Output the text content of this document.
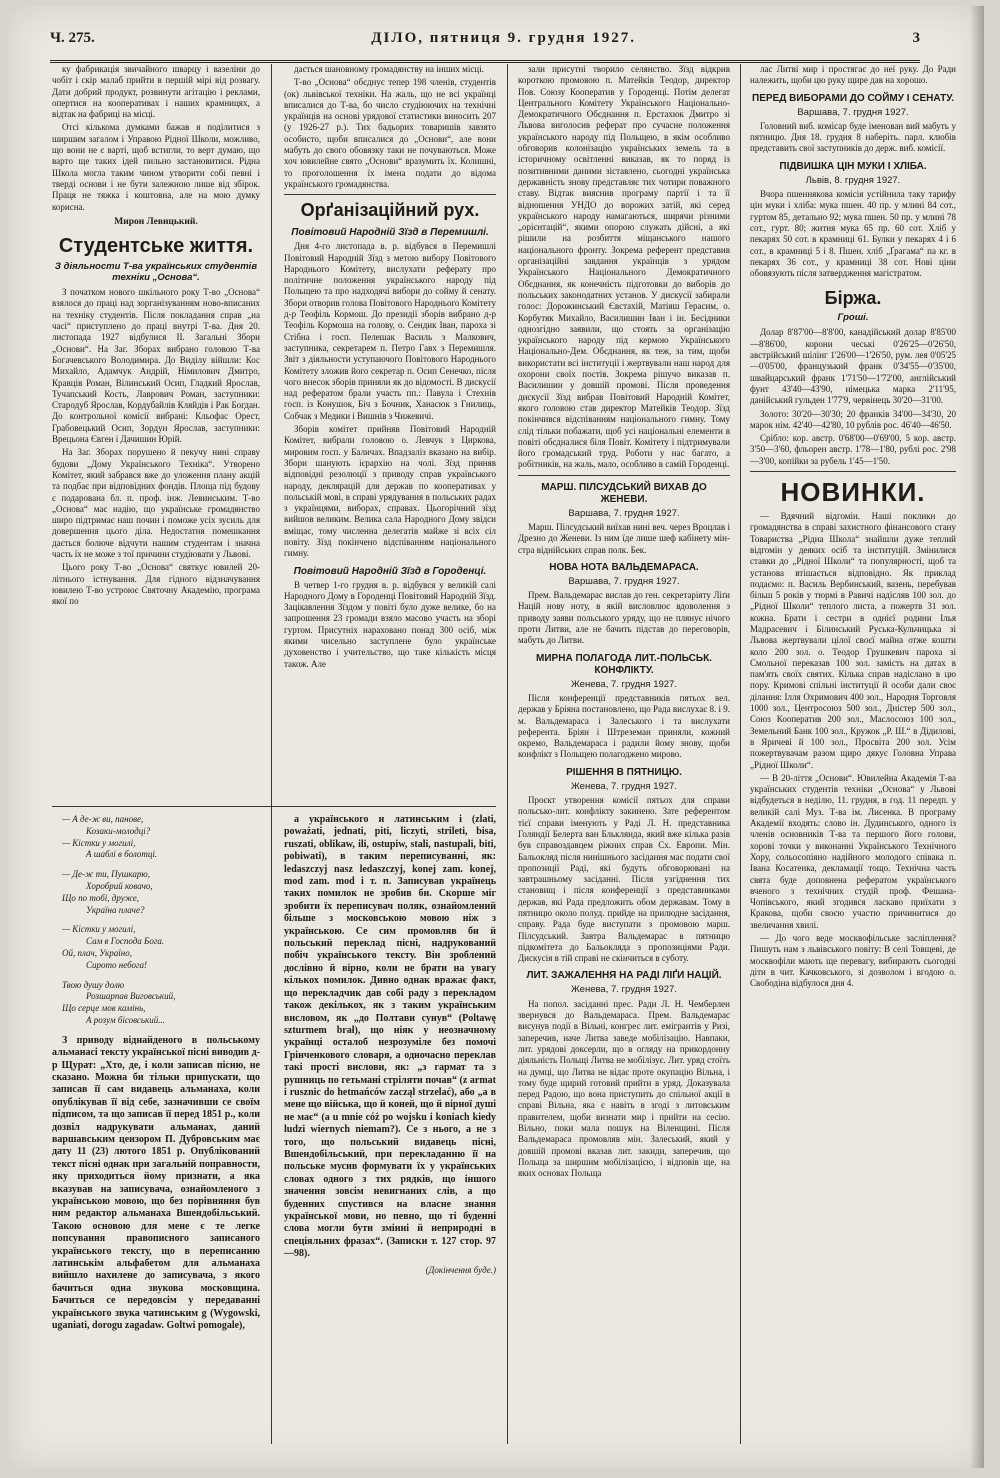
Ч. 275.	ДІЛО, пятниця 9. грудня 1927.	3

ку фабрикація звичайного шварцу і вазеліни до чобіт і скір малаб прийти в першій мірі від розвагу. Дати добрий продукт, розвинути агітацію і реклами, опертися на кооперативах і наших крамницях, а відтак на фабриці на місці.

Отсі кількома думками бажав я поділитися з ширшим загалом і Управою Рідної Школи, можливо, що вони не є вартi, щоб встигли, то верт думаю, що вартo ще таких ідей пильно застановитися. Рідна Школа могла таким чином утворити собі певні і тверді основи і не бути залежною лише від збірок. Праця не тяжка і коштовна, але на мою думку корисна.

Мирон Левицький.
Студентське життя.
З діяльности Т-ва українських студентів техніки „Основа“.

З початком нового шкільного року Т-во „Основа“ взялося до праці над зорганізуванням ново-вписаних на техніку студентів. Після покладання справ „на часі“ приступлено до праці внутрі Т-ва. Дня 20. листопада 1927 відбулися II. Загальні Збори „Основи“. На Заг. Зборах вибрано головою Т-ва Богачевського Володимира. До Виділу війшли: Кос Михайло, Адамчук Андрій, Німилович Дмитро, Кравців Роман, Вілинський Осип, Гладкий Ярослав, Тучапський Кость, Лаврович Роман, заступники: Стародуб Ярослав, Кордубайлів Кляйдів і Рак Богдан. До контрольної комісії вибрані: Кльофас Орест, Грабовецький Осип, Зордун Ярослав, заступники: Врецьона Євген і Дачишин Юрій.

На Заг. Зборах порушено й пекучу нині справу будови „Дому Українського Техніка“. Утворено Комітет, який забрався вже до уложення плану акцій та подбає при відповідних фондів. Площа під будову є подарована бл. п. проф. інж. Левинським. Т-во „Основа“ має надію, що українське громадянство широ підтримає наш почин і поможе усіх зусиль для довершення цього діла. Недостатня помешкання дається болюче відчути нашим студентам і значна часть їх не може з тої причини студіювати у Львові.

Цього року Т-во „Основа“ святкує ювилей 20-літнього істнування. Для гідного відзначування ювилею Т-во устроює Святочну Академію, програма якої по

дається шановному громадянству на інших місці.

Т-во „Основа“ обєднує тепер 198 членів, студентів (ок) львівської техніки. На жаль, що не всі українці вписалися до Т-ва, бо число студіюючих на технічні українців на основі урядової статистики виносить 207 (у 1926-27 р.). Тих бадьорих товаришів завзято особисто, щоби вписалися до „Основи“, але вони мабуть до свого обовязку таки не почуваються. Може хоч ювилейне свято „Основи“ вразумить їх. Колишні, то проголошення їх імена подати до відома українського громадянства.

Орґанізаційний рух.
Повітовий Народній Зїзд в Перемишлі.

Дня 4-го листопада в. р. відбувся в Перемишлі Повітовий Народній Зїзд з метою вибору Повітового Народнього Комітету, вислухати реферату про політичне положення українського народу під Польщею та про надходячі вибори до сойму й сенату. Збори отворив голова Повітового Народнього Комітету д-р Теофіль Кормош. До президії зборів вибрано д-р Теофіль Кормоша на голову, о. Сендик Іван, пароха зі Стібна і госп. Пелешак Василь з Малкович, заступника, секретарем п. Петро Гавх з Перемишля. Звіт з діяльности уступаючого Повітового Народнього Комітету зложив його секретар п. Осип Сенечко, після чого внесок зборів приняли як до відомості. В дискусії над рефератом брали участь пп.: Павула і Стехнів госп. із Конушок, Біч з Бочник, Ханасюк з Гнилиць, Собчак з Медики і Вишнів з Чижевичі.

Зборів комітет прийняв Повітовий Народній Комітет, вибрали головою о. Левчук з Циркова, мировим госп. у Баличах. Впадзаліз вказано на вибір. Збори шанують ієрархію на чолі. Зїзд приняв відповідні резолюції з приводу справ украївського народу, деклярацій для держав по кооперативах у польській мові, в справі урядування в польських радах з українцями, виборах, справах. Цьогорічний зїзд вийшов великим. Велика сала Народного Дому звідси вміщає, тому численна делегатів майже зі всіх сіл повіту. Зїзд покінчено відспіванням національного гимну.

Повітовий Народній Зїзд в Городенці.

В четвер 1-го грудня в. р. відбувся у великій салі Народного Дому в Городенці Повітовий Народній Зїзд. Зацікавлення Зїздом у повіті було дуже велике, бо на запрошення 23 громади взяло масово участь на зборі гуртом. Присутніх нараховано понад 300 осіб, між якими чисельно заступлене було українське духовенство і учительство, що таке кількість місця також. Але

зали присутні творило селянство. Зїзд відкрив короткою промовою п. Матейків Теодор, директор Пов. Союзу Кооператив у Городенці. Потім делегат Центрального Комітету Українського Національно-Демократичного Обєднання п. Ерстахюк Дмитро зі Львова виголосив реферат про сучасне положення українського народу під Польщею, в якім особливо обговорив колонізацію українських земель та в історичному освітленні виказав, як то поряд із позитивними даними зіставлено, сьогодні українська державність знову представляє тих чотири поважного ставу. Відтак вияснив програму партії і та її відношення УНДО до ворожих затій, які серед українського народу намагаються, ширячи різними „орієнтацій“, якими опорою служать дійсні, а які рішили на розбиття міщанського нашого національного фронту. Зокрема референт представив організаційні завдання українців з урядом Українського Національного Демократичного Обєднання, як конечність підготовки до виборів до польських законодатних установ. У дискусії забирали голос: Дорожинський Євстахій, Матіяш Герасим, о. Корбутяк Михайло, Василишин Іван і ін. Бесідники однозгідно заявили, що стоять за організацію українського народу під кермою Українського Національно-Дем. Обєднання, як теж, за тим, щоби використати всі інституції і жертвували наш народ для охорони своїх постів. Зокрема рішучо виказав п. Василишин у довшій промові. Після проведення дискусії Зїзд вибрав Повітовий Народній Комітет, якого головою став директор Матейків Теодор. Зїзд покінчився відспіванням національного гимну. Тому слід тільки побажати, щоб усі національні елементи в повіті обєдналися біля Повіт. Комітету і підтримували його громадський труд. Роботи у нас багато, а робітників, на жаль, мало, особливо в самій Городенці.

МАРШ. ПІЛСУДСЬКИЙ ВИХАВ ДО ЖЕНЕВИ.
Варшава, 7. грудня 1927.

Марш. Пілсудський виїхав нині веч. через Вроцлав і Дрезно до Женеви. Із ним їде лише шеф кабінету мін-стра віднійських справ полк. Бек.

НОВА НОТА ВАЛЬДЕМАРАСА.
Варшава, 7. грудня 1927.

Прем. Вальдемарас вислав до ген. секретаріяту Ліґи Націй нову ноту, в якій висловлює вдоволення з приводу заяви польського уряду, що не плянує нічого проти Литви, але не бачить підстав до переговорів, мабуть до Литви.

МИРНА ПОЛАГОДА ЛИТ.-ПОЛЬСЬК. КОНФЛІКТУ.
Женева, 7. грудня 1927.

Після конференції представників пятьох вел. держав у Бріяна постановлено, що Рада вислухає 8. і 9. м. Вальдемараса і Залеського і та вислухати референта. Бріян і Штреземан приняли, кожний окремо, Вальдемараса і радили йому знову, щоби конфлікт з Польщею полагоджено мирово.

РІШЕННЯ В ПЯТНИЦЮ.
Женева, 7. грудня 1927.

Проєкт утворення комісії пятьох для справи польсько-лит. конфлікту закинено. Зате референтом тієї справи іменують у Раді Л. Н. представника Голяндії Белерта ван Блькляндa, який вже кілька разів був справоздавцем ріжних справ Сх. Европи. Мін. Бальокляд після нинішнього засідання має подати свої пропозиції Раді, які будуть обговорювані на завтрашньому засіданні. Після узгіднення тих становищ і після конференції з представниками держав, які Рада предложить обом державам. Тому в пятницю около полуд. прийде на прилюдне засідання, справу. Рада буде виступати з промовою марш. Пілсудський. Завтра Вальдемарас в пятницю підкомітета до Бальокляда з пропозиціями Ради. Дискусія в тій справі не скінчиться в суботу.

ЛИТ. ЗАЖАЛЕННЯ НА РАДІ ЛІҐИ НАЦІЙ.
Женева, 7. грудня 1927.

На попол. засіданні прес. Ради Л. Н. Чемберлен звернувся до Вальдемараса. Прем. Вальдемарас висунув події в Вільні, конгрес лит. емігрантів у Ризі, заперечив, наче Литва заведе мобілізацію. Навпаки, лит. урядові доксерли, що в огляду на прикордонну діяльність Польщі Литва не мобілізує. Лит. уряд стоїть на думці, що Литва не відає проте окупацію Вільна, і тому буде щирий готовий прийти в уряд. Доказувала перед Радою, що вона приступить до спільної акції в справі Вільна, яка є навіть в згоді з литовським правителем, щоби визнати мир і прийти на сесію. Вільно, поки мала пошук на Віленщині. Після Вальдемараса промовляв мін. Залеський, який у довшій промові вказав лит. закиди, заперечив, що Польща за ширшим мобілізацією, і відповів ще, на яких основах Польща

лас Литві мир і простягає до неї руку. До Ради належить, щоби цю руку щире дав на хорошо.

ПЕРЕД ВИБОРАМИ ДО СОЙМУ І СЕНАТУ.
Варшава, 7. грудня 1927.

Головний виб. комісар буде іменован вий мабуть у пятницю. Дня 18. грудня 8 наберіть. парл. клюбів представить свої заступників до держ. виб. комісії.

ПІДВИШКА ЦІН МУКИ І ХЛІБА.
Львів, 8. грудня 1927.

Вчора пшеннякова комісія устійнила таку тарифу цін муки і хліба: мука пшен. 40 пр. у млині 84 сот., гуртом 85, детально 92; мука пшен. 50 пр. у млині 78 сот., гурт. 80; житня мука 65 пр. 60 сот. Хліб у пекарях 50 сот. в крамниці 61. Булки у пекарях 4 і 6 сот., в крамниці 5 і 8. Пшен. хліб „Ґрагама“ па кг. в пекарях 36 сот., у крамниці 38 сот. Нові ціни обовязують після затвердження магістратом.

Біржа.
Гроші.

Долар 8'87'00—8'8'00, канадійський долар 8'85'00—8'86'00, корони чеські 0'26'25—0'26'50, австрійський шілінг 1'26'00—1'26'50, рум. лея 0'05'25—0'05'00, французький франк 0'34'55—0'35'00, швайцарський франк 1'71'50—1'72'00, англійський фунт 43'40—43'90, німецька марка 2'11'95, данійський гульден 1'77'9, червінець 30'20—31'00.

Золото: 30'20—30'30; 20 франків 34'00—34'30, 20 марок нім. 42'40—42'80, 10 рублів рос. 46'40—46'50.

Срібло: кор. австр. 0'68'00—0'69'00, 5 кор. австр. 3'50—3'60, фльорен австр. 1'78—1'80, рублі рос. 2'98—3'00, копійки за рубель 1'45—1'50.

НОВИНКИ.

— Вдячний відгомін. Наші покликн до громадянства в справі захистного фінансового стану Товариства „Рідна Школа“ знайшли дуже теплий відгомін у деяких осіб та інституцій. Змінилися ставки до „Рідної Школи“ та популярності, щоб та установа втішається відповідно. Як приклад подаємо: п. Василь Вербинський, вазень, перебував більш 5 років у тюрмі в Равичі надісляв 100 зол. до „Рідної Школи“ теплого листа, а пожертв 31 зол. кожна. Брати і сестри в однієї родини Ілья Мадрасевич і Білинський Руська-Кульчицька зі Львова жертвували цілої своєї майна отже кошти коло 200 зол. о. Теодор Грушкевич пароха зі Смольної переказав 100 зол. замість на датах в пам'ять своїх святих. Кілька справ надіслано в цю пору. Кримові спільні інституції й особи дали своє ділання: Ілля Охримович 400 зол., Народня Торговля 1000 зол., Центросоюз 500 зол., Дністер 500 зол., Союз Кооператив 200 зол., Маслосоюз 100 зол., Земельний Банк 100 зол., Кружок „Р. Ш.“ в Дідилові, в Яричеві й 100 зол., Просвіта 200 зол. Усім пожертвувачам разом щиро дякує Головна Управа „Рідної Школи“.

— В 20-ліття „Основи“. Ювилейна Академія Т-ва українських студентів техніки „Основа“ у Львові відбудеться в неділю, 11. грудня, в год. 11 передп. у великій салі Муз. Т-ва ім. Лисенка. В програму Академії входять: слово ін. Дудинського, одного із членів основників Т-ва та першого його голови, хорові точки у виконанні Українського Технічного Хору, сольосопіяно надійного молодого співака п. Івана Косатенка, декламації тощо. Технічна часть свята буде доповнена рефератом українського вченого з технічних студій проф. Фешана-Чопівського, який згодився ласкаво приїхати з Кракова, щоби своєю участю причинитися до звеличання хвилі.

— До чого веде москвофільське засліплення? Пишуть нам з львівського повіту: В селі Товщеві, де москвофіли мають ще перевагу, вибирають сьогодні діти в чит. Качковського, зі дозволом і вгодою о. Свободіна відбулося дня 4.

— А де-ж ви, панове,
Козаки-молодці?
— Кістки у могилі,
А шаблі в болотці.
— Де-ж ти, Пушкарю,
Хоробрий ковачо,
Що по тобі, друже,
Україна плаче?
— Кістки у могилі,
Сам в Господа Бога.
Ой, плач, Україно,
Сирото небога!
Твою душу долю
Розшарпав Виговський,
Що серце мов камінь,
А розум бісовський...

З приводу віднайденого в польському альманасі тексту української пісні виводив д-р Щурат: „Хто, де, і коли записав пісню, не сказано. Можна би тільки припускати, що записав її сам видавець альманаха, коли опублікував її від себе, зазначивши се своїм підписом, та що записав її перед 1851 р., коли дозвіл надрукувати альманах, даний варшавським цензором П. Дубровським має дату 11 (23) лютого 1851 р. Опублікований текст пісні однак при загальній поправности, яку приходиться йому признати, а яка вказував на записувача, ознайомленого з українською мовою, що без порівняння був ним редактор альманаха Вшендобільський. Такою основою для мене є те легке попсування правописного записаного українського тексту, що в переписанню латинськім альфабетом для альманаха вийшло нахилене до записувача, з якого бачиться одна звукова московщина. Бачиться се передовсім у передаванні українського звука чатинським g (Wygowski, uganiati, dorogu zagadaw. Goltwi pomogale),

а українського и латинським і (zlati, poważati, jednati, piti, liczyti, strileti, bisa, ruszati, oblikaw, ili, ostupiw, stali, nastupali, biti, pobiwati), в таким переписуванні, як: ledaszczyj nasz ledaszczyj, konej zam. konej, mod zam. mod і т. п. Записував українець таких помилок не зробив би. Скорше міг зробити їх переписувач поляк, ознайомлений більше з московською мовою ніж з українською. Се сим промовляв би й польський переклад пісні, надрукований побіч українського тексту. Він зроблений дослівно й вірно, коли не брати на увагу кількох помилок. Дивно однак вражає факт, що перекладчик дав собі раду з перекладом також декількох, як з таким українським висловом, як „до Полтави сунув“ (Poltawę szturmem brał), що ніяк у неозначному українці осталоб незрозуміле без помочі Грінченкового словаря, а одночасно переклав такі прості вислови, як: „з гармат та з рушниць по гетьмані стріляти почав“ (z armat i rusznic do hetmańców zacząl strzelać), або „а в мене що війська, що й коней, що й вірної душі не має“ (a u mnie cóż po wojsku i koniach kiedy ludzi wiernych niemam?). Се з нього, а не з того, що польський видавець пісні, Вшендобільський, при перекладанню її на польське мусив формувати їх у українських словах одного з тих рядків, що іншого значення зовсім невигнаних слів, а що буденних спустився на власне знання української мови, но певно, що ті буденні слова могли бути змінні й неприродні в спеціяльних фразах“. (Записки т. 127 стор. 97—98).

(Докінчення буде.)
